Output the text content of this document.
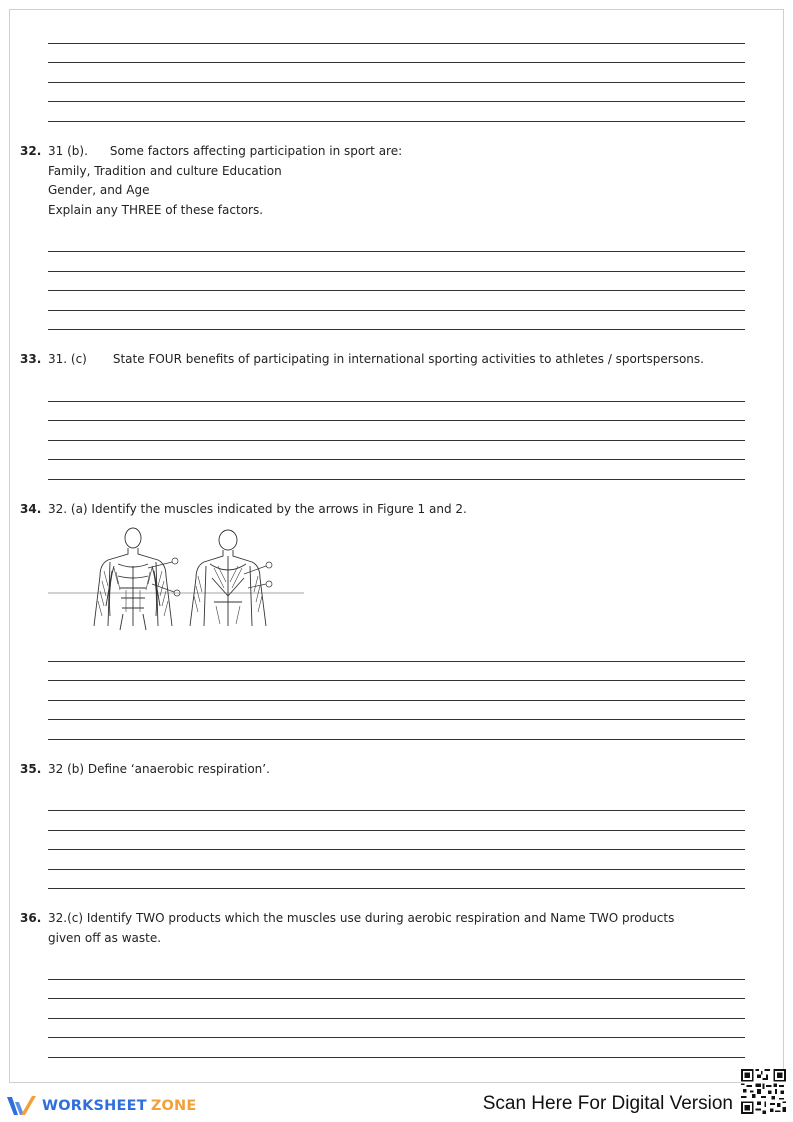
32. 31 (b). Some factors affecting participation in sport are:
Family, Tradition and culture Education
Gender, and Age
Explain any THREE of these factors.
33. 31. (c) State FOUR benefits of participating in international sporting activities to athletes / sportspersons.
34. 32. (a) Identify the muscles indicated by the arrows in Figure 1 and 2.
35. 32 (b) Define ‘anaerobic respiration’.
36. 32.(c) Identify TWO products which the muscles use during aerobic respiration and Name TWO products
given off as waste.
WORKSHEET ZONE	Scan Here For Digital Version
